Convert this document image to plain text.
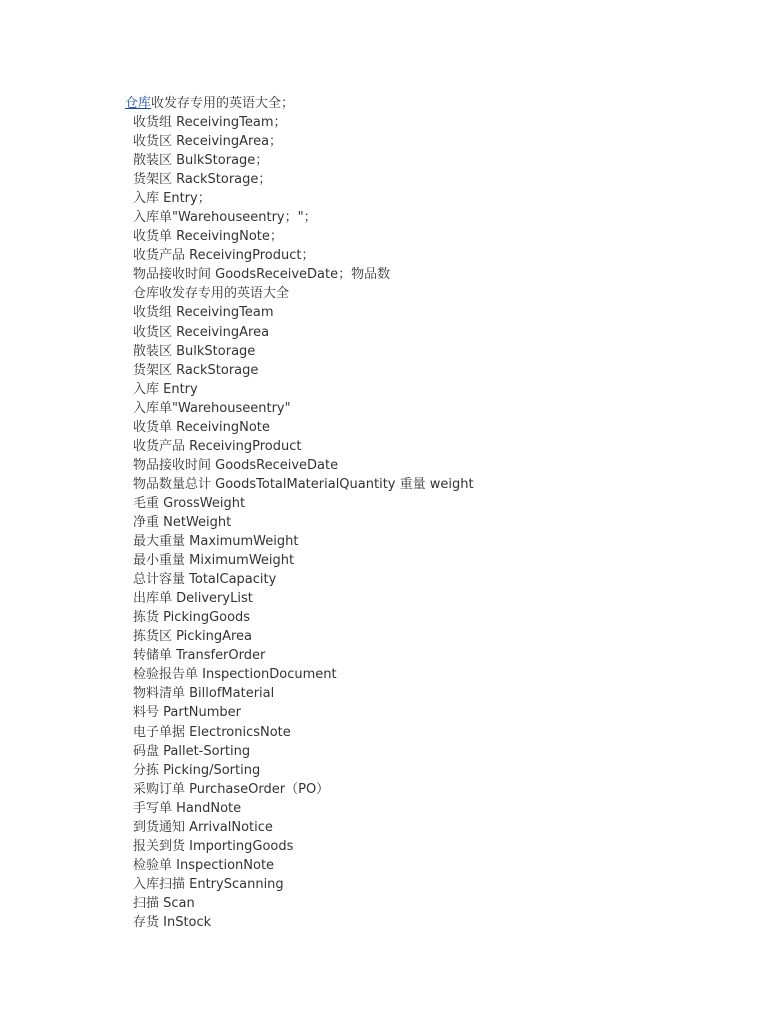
仓库收发存专用的英语大全；
收货组 ReceivingTeam；
收货区 ReceivingArea；
散装区 BulkStorage；
货架区 RackStorage；
入库 Entry；
入库单"Warehouseentry；"；
收货单 ReceivingNote；
收货产品 ReceivingProduct；
物品接收时间 GoodsReceiveDate；物品数
仓库收发存专用的英语大全
收货组 ReceivingTeam
收货区 ReceivingArea
散装区 BulkStorage
货架区 RackStorage
入库 Entry
入库单"Warehouseentry"
收货单 ReceivingNote
收货产品 ReceivingProduct
物品接收时间 GoodsReceiveDate
物品数量总计 GoodsTotalMaterialQuantity 重量 weight
毛重 GrossWeight
净重 NetWeight
最大重量 MaximumWeight
最小重量 MiximumWeight
总计容量 TotalCapacity
出库单 DeliveryList
拣货 PickingGoods
拣货区 PickingArea
转储单 TransferOrder
检验报告单 InspectionDocument
物料清单 BillofMaterial
料号 PartNumber
电子单据 ElectronicsNote
码盘 Pallet-Sorting
分拣 Picking/Sorting
采购订单 PurchaseOrder（PO）
手写单 HandNote
到货通知 ArrivalNotice
报关到货 ImportingGoods
检验单 InspectionNote
入库扫描 EntryScanning
扫描 Scan
存货 InStock
